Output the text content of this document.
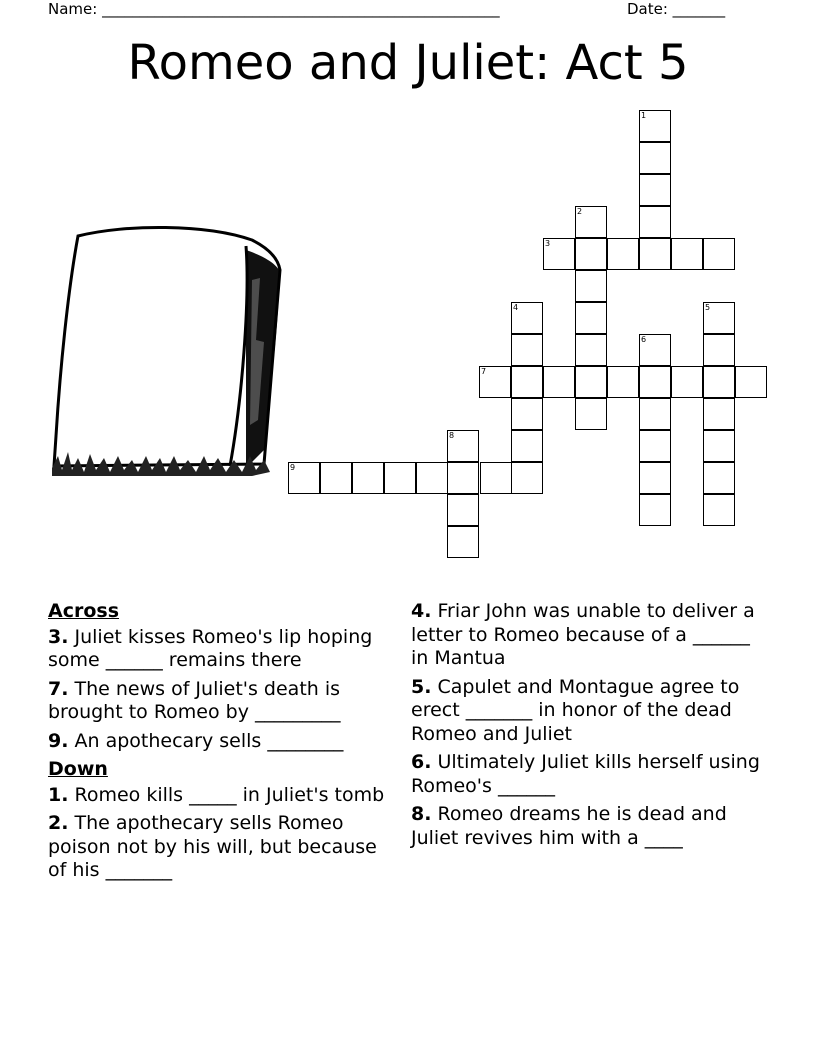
Name: _____________________________________________________	Date: _______
Romeo and Juliet: Act 5
1
2
3
4	5
6
7
8
9
Across
3. Juliet kisses Romeo's lip hoping some ______ remains there
7. The news of Juliet's death is brought to Romeo by _________
9. An apothecary sells ________
Down
1. Romeo kills _____ in Juliet's tomb
2. The apothecary sells Romeo poison not by his will, but because of his _______
4. Friar John was unable to deliver a letter to Romeo because of a ______ in Mantua
5. Capulet and Montague agree to erect _______ in honor of the dead Romeo and Juliet
6. Ultimately Juliet kills herself using Romeo's ______
8. Romeo dreams he is dead and Juliet revives him with a ____
